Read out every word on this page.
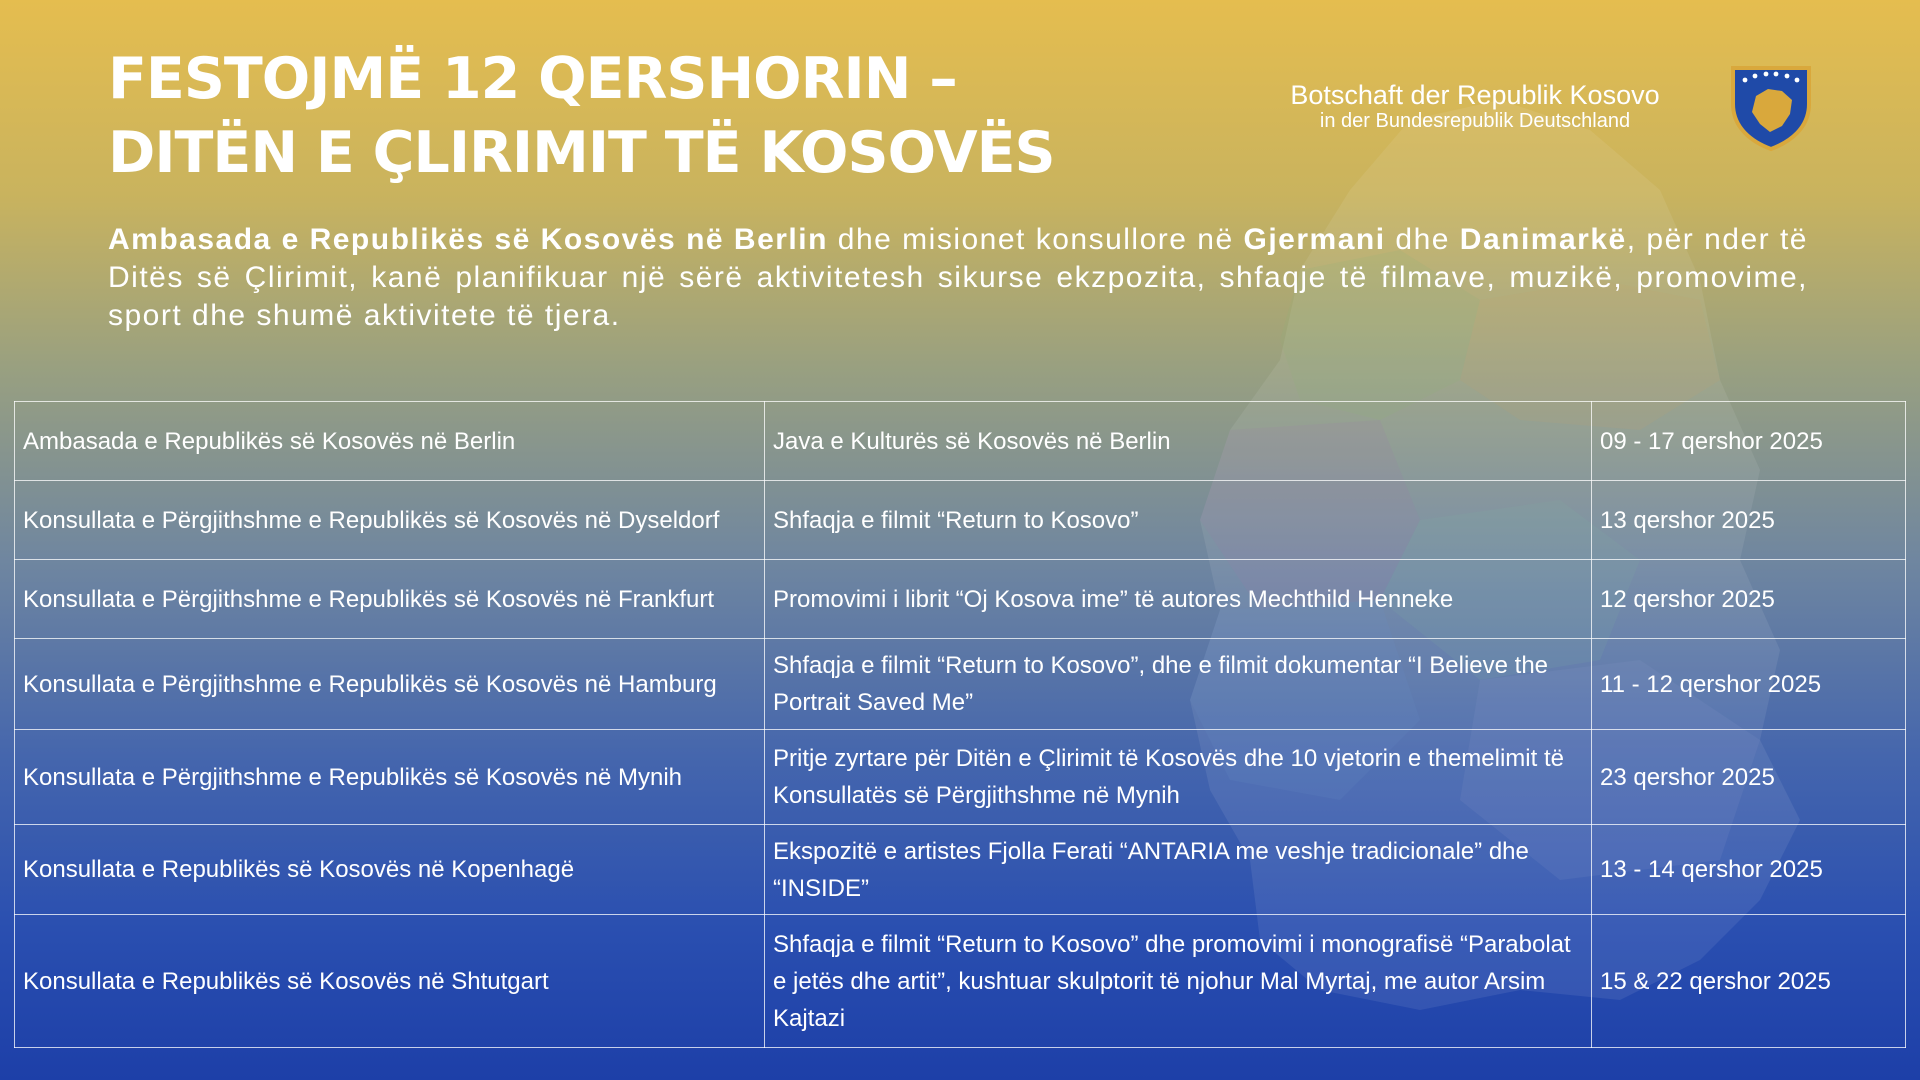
FESTOJMË 12 QERSHORIN –
DITËN E ÇLIRIMIT TË KOSOVËS
Botschaft der Republik Kosovo
in der Bundesrepublik Deutschland

Ambasada e Republikës së Kosovës në Berlin dhe misionet konsullore në Gjermani dhe Danimarkë, për nder të Ditës së Çlirimit, kanë planifikuar një sërë aktivitetesh sikurse ekzpozita, shfaqje të filmave, muzikë, promovime, sport dhe shumë aktivitete të tjera.

Ambasada e Republikës së Kosovës në Berlin	Java e Kulturës së Kosovës në Berlin	09 - 17 qershor 2025
Konsullata e Përgjithshme e Republikës së Kosovës në Dyseldorf	Shfaqja e filmit “Return to Kosovo”	13 qershor 2025
Konsullata e Përgjithshme e Republikës së Kosovës në Frankfurt	Promovimi i librit “Oj Kosova ime” të autores Mechthild Henneke	12 qershor 2025
Konsullata e Përgjithshme e Republikës së Kosovës në Hamburg	Shfaqja e filmit “Return to Kosovo”, dhe e filmit dokumentar “I Believe the Portrait Saved Me”	11 - 12 qershor 2025
Konsullata e Përgjithshme e Republikës së Kosovës në Mynih	Pritje zyrtare për Ditën e Çlirimit të Kosovës dhe 10 vjetorin e themelimit të Konsullatës së Përgjithshme në Mynih	23 qershor 2025
Konsullata e Republikës së Kosovës në Kopenhagë	Ekspozitë e artistes Fjolla Ferati “ANTARIA me veshje tradicionale” dhe “INSIDE”	13 - 14 qershor 2025
Konsullata e Republikës së Kosovës në Shtutgart	Shfaqja e filmit “Return to Kosovo” dhe promovimi i monografisë “Parabolat e jetës dhe artit”, kushtuar skulptorit të njohur Mal Myrtaj, me autor Arsim Kajtazi	15 & 22 qershor 2025
